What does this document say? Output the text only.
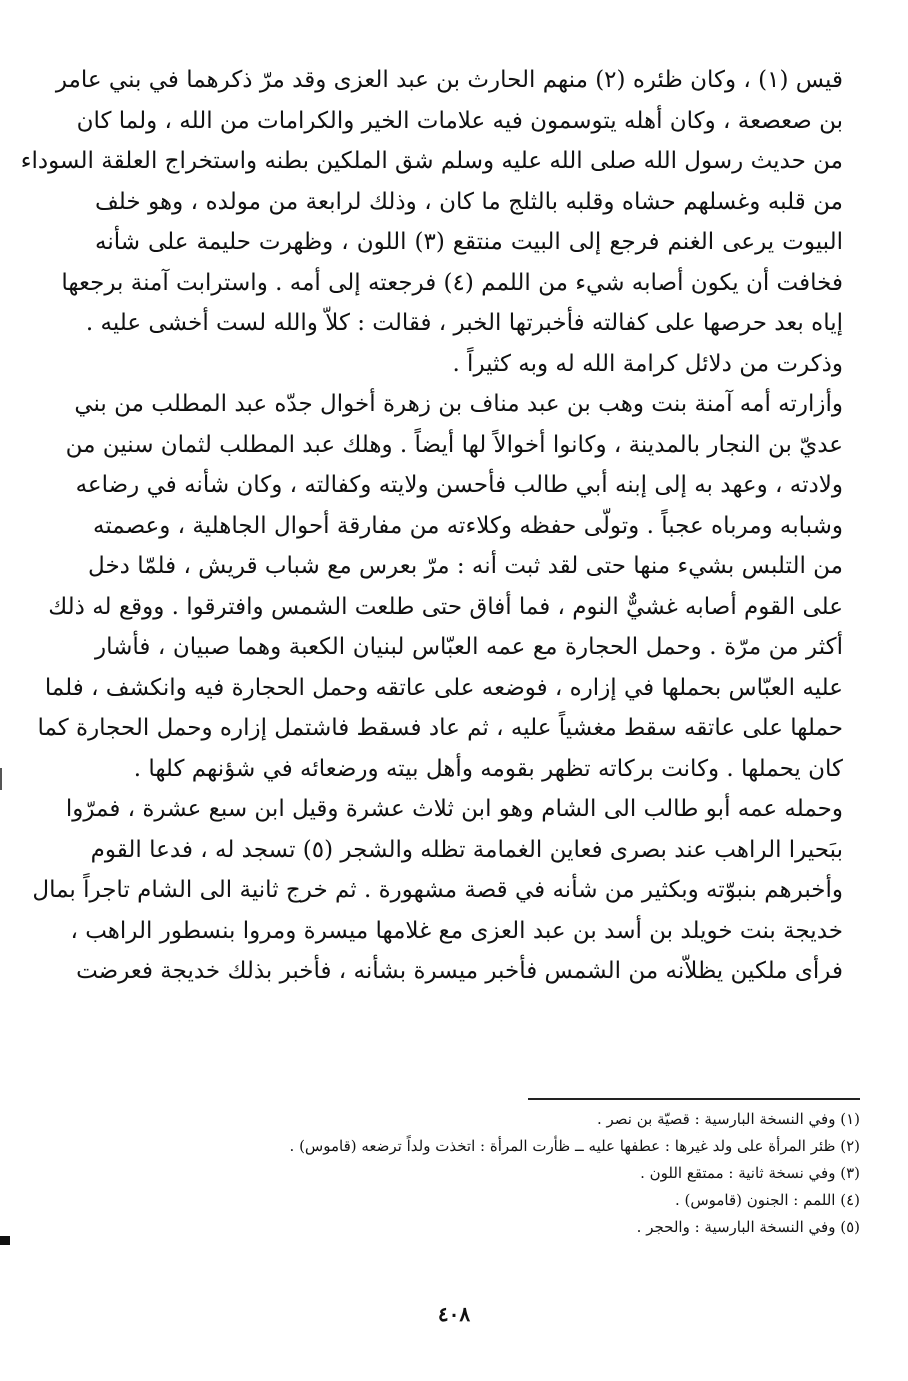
قيس (١) ، وكان ظئره (٢) منهم الحارث بن عبد العزى وقد مرّ ذكرهما في بني عامر
بن صعصعة ، وكان أهله يتوسمون فيه علامات الخير والكرامات من الله ، ولما كان
من حديث رسول الله صلى الله عليه وسلم شق الملكين بطنه واستخراج العلقة السوداء
من قلبه وغسلهم حشاه وقلبه بالثلج ما كان ، وذلك لرابعة من مولده ، وهو خلف
البيوت يرعى الغنم فرجع إلى البيت منتقع (٣) اللون ، وظهرت حليمة على شأنه
فخافت أن يكون أصابه شيء من اللمم (٤) فرجعته إلى أمه . واسترابت آمنة برجعها
إياه بعد حرصها على كفالته فأخبرتها الخبر ، فقالت : كلاّ والله لست أخشى عليه .
وذكرت من دلائل كرامة الله له وبه كثيراً .
وأزارته أمه آمنة بنت وهب بن عبد مناف بن زهرة أخوال جدّه عبد المطلب من بني
عديّ بن النجار بالمدينة ، وكانوا أخوالاً لها أيضاً . وهلك عبد المطلب لثمان سنين من
ولادته ، وعهد به إلى إبنه أبي طالب فأحسن ولايته وكفالته ، وكان شأنه في رضاعه
وشبابه ومرباه عجباً . وتولّى حفظه وكلاءته من مفارقة أحوال الجاهلية ، وعصمته
من التلبس بشيء منها حتى لقد ثبت أنه : مرّ بعرس مع شباب قريش ، فلمّا دخل
على القوم أصابه غشيٌّ النوم ، فما أفاق حتى طلعت الشمس وافترقوا . ووقع له ذلك
أكثر من مرّة . وحمل الحجارة مع عمه العبّاس لبنيان الكعبة وهما صبيان ، فأشار
عليه العبّاس بحملها في إزاره ، فوضعه على عاتقه وحمل الحجارة فيه وانكشف ، فلما
حملها على عاتقه سقط مغشياً عليه ، ثم عاد فسقط فاشتمل إزاره وحمل الحجارة كما
كان يحملها . وكانت بركاته تظهر بقومه وأهل بيته ورضعائه في شؤنهم كلها .
وحمله عمه أبو طالب الى الشام وهو ابن ثلاث عشرة وقيل ابن سبع عشرة ، فمرّوا
ببَحيرا الراهب عند بصرى فعاين الغمامة تظله والشجر (٥) تسجد له ، فدعا القوم
وأخبرهم بنبوّته وبكثير من شأنه في قصة مشهورة . ثم خرج ثانية الى الشام تاجراً بمال
خديجة بنت خويلد بن أسد بن عبد العزى مع غلامها ميسرة ومروا بنسطور الراهب ،
فرأى ملكين يظلاّنه من الشمس فأخبر ميسرة بشأنه ، فأخبر بذلك خديجة فعرضت
(١) وفي النسخة البارسية : قصيّة بن نصر .
(٢) ظئر المرأة على ولد غيرها : عطفها عليه ــ ظأرت المرأة : اتخذت ولداً ترضعه (قاموس) .
(٣) وفي نسخة ثانية : ممتقع اللون .
(٤) اللمم : الجنون (قاموس) .
(٥) وفي النسخة البارسية : والحجر .
٤٠٨
